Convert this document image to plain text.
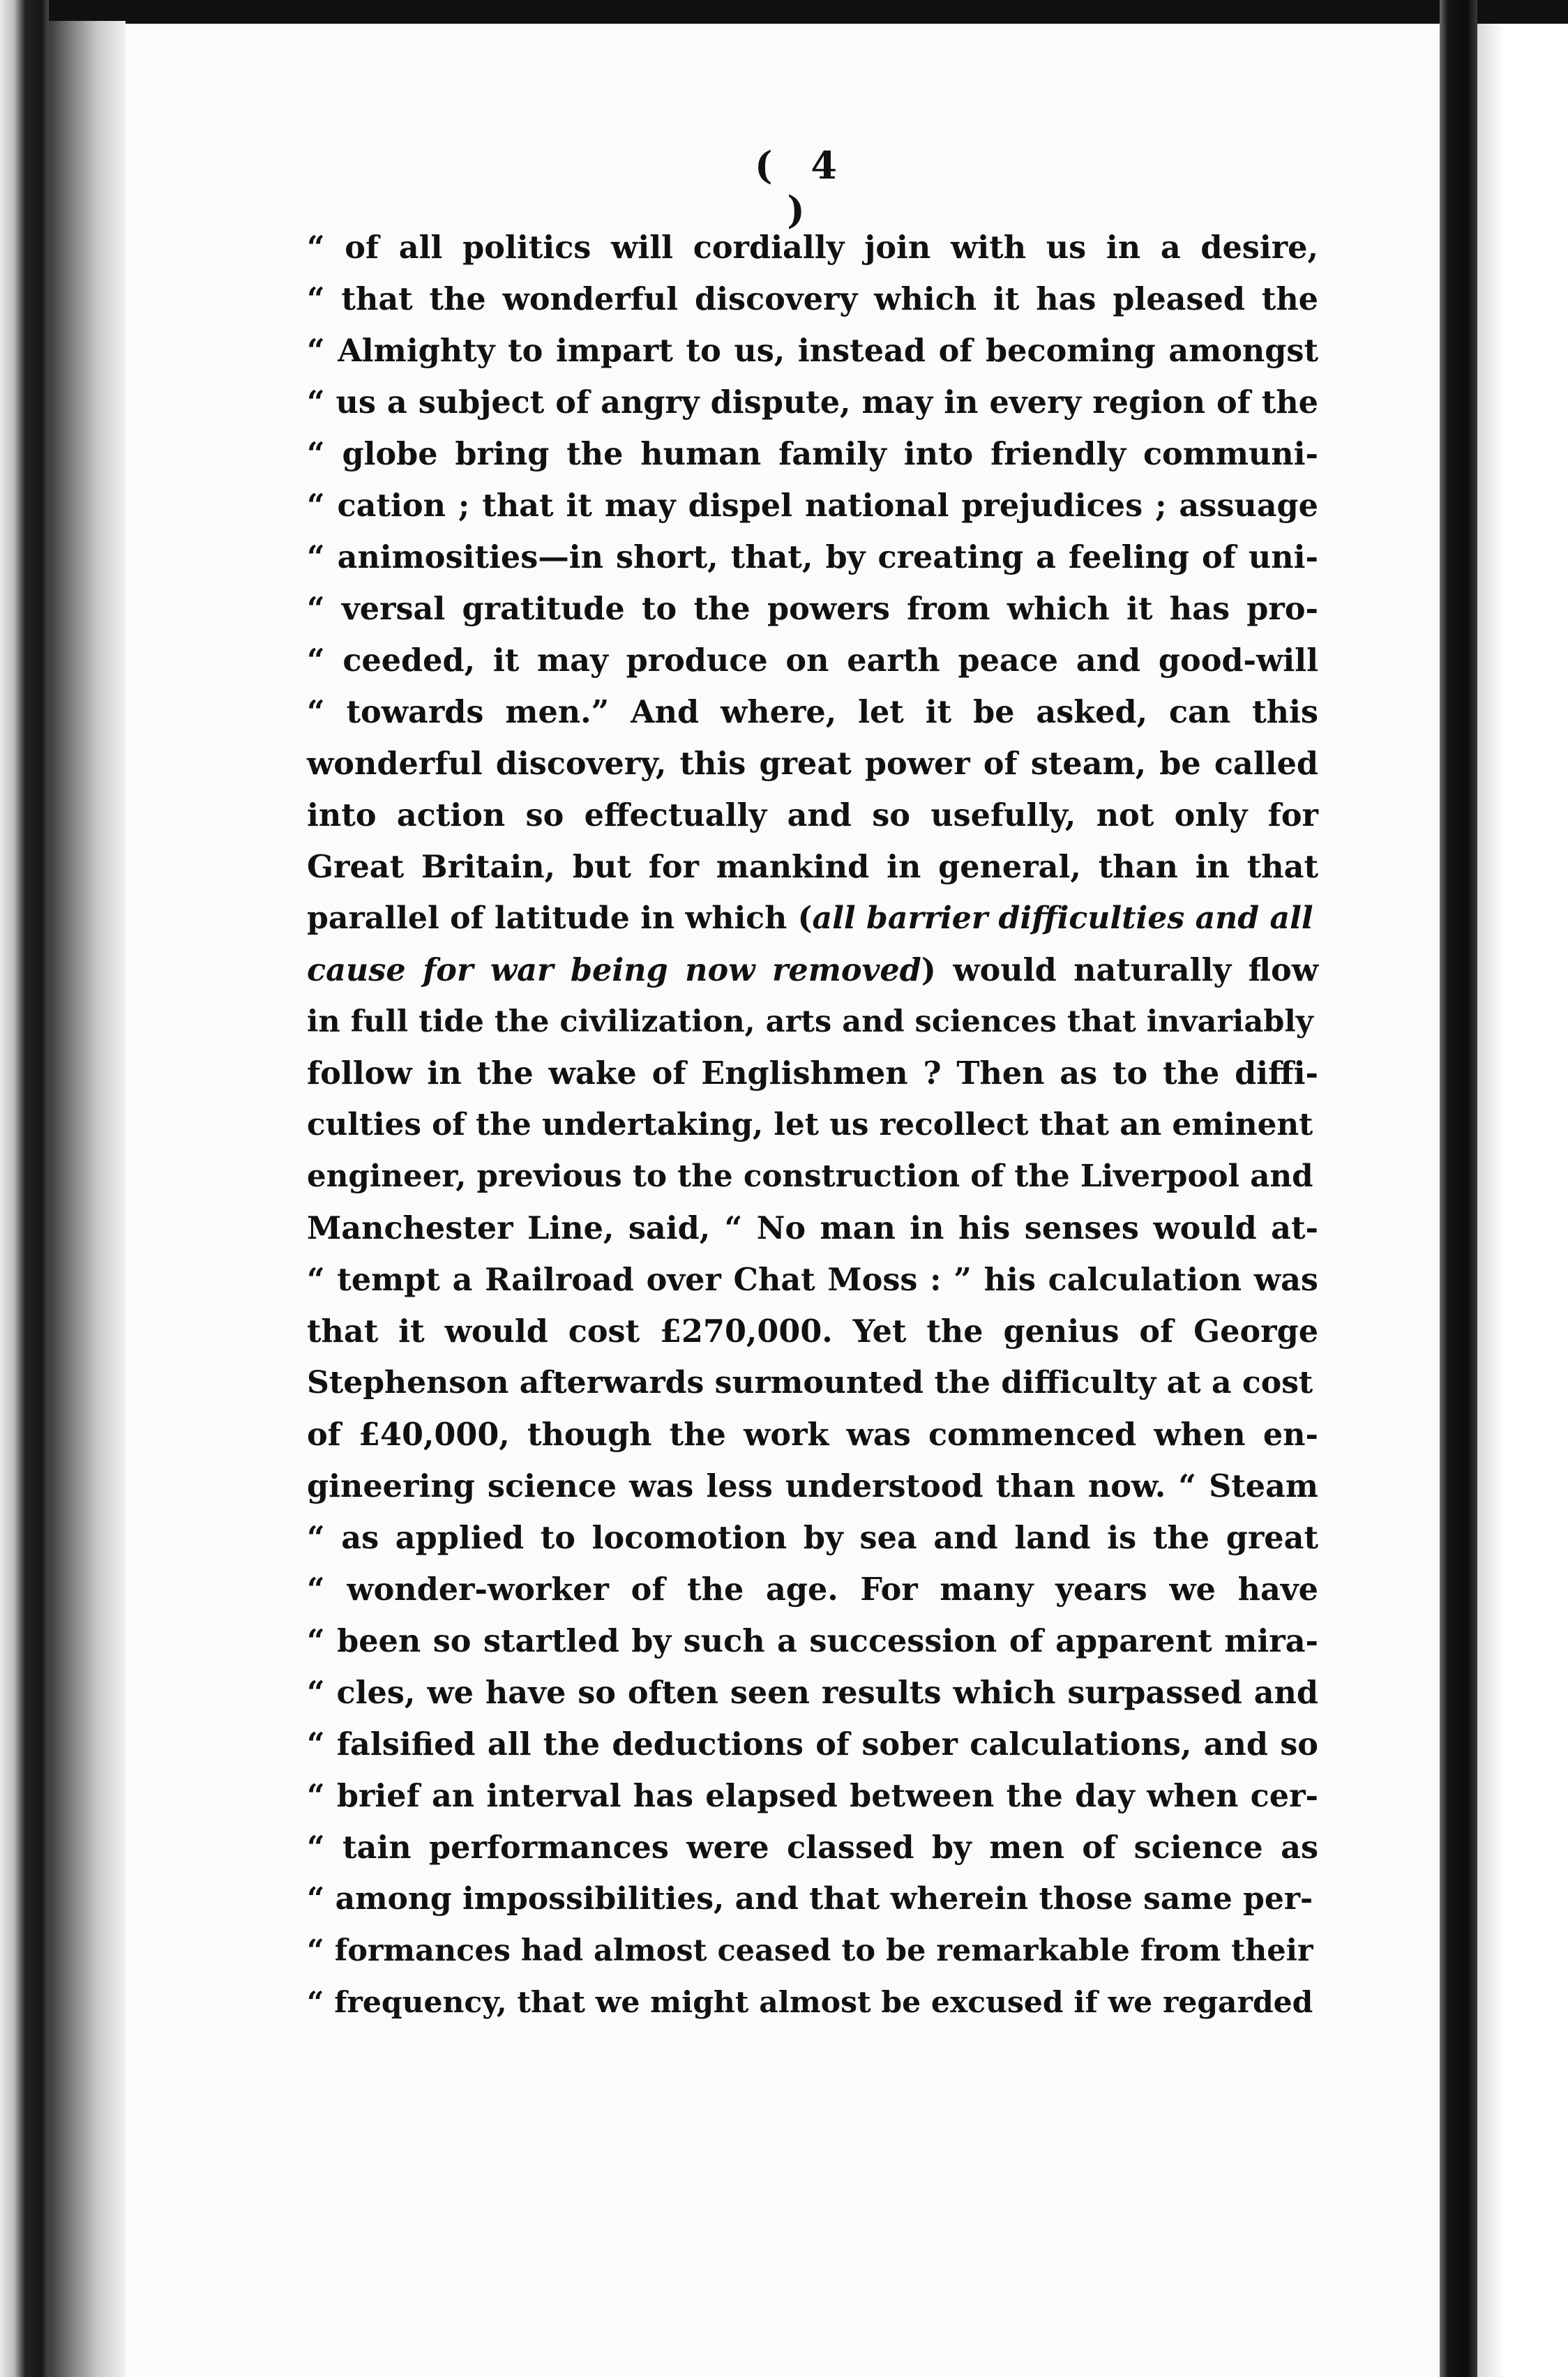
( 4 )
“ of all politics will cordially join with us in a desire,
“ that the wonderful discovery which it has pleased the
“ Almighty to impart to us, instead of becoming amongst
“ us a subject of angry dispute, may in every region of the
“ globe bring the human family into friendly communi-
“ cation ; that it may dispel national prejudices ; assuage
“ animosities—in short, that, by creating a feeling of uni-
“ versal gratitude to the powers from which it has pro-
“ ceeded, it may produce on earth peace and good-will
“ towards men.” And where, let it be asked, can this
wonderful discovery, this great power of steam, be called
into action so effectually and so usefully, not only for
Great Britain, but for mankind in general, than in that
parallel of latitude in which (all barrier difficulties and all
cause for war being now removed) would naturally flow
in full tide the civilization, arts and sciences that invariably
follow in the wake of Englishmen ? Then as to the diffi-
culties of the undertaking, let us recollect that an eminent
engineer, previous to the construction of the Liverpool and
Manchester Line, said, “ No man in his senses would at-
“ tempt a Railroad over Chat Moss : ” his calculation was
that it would cost £270,000. Yet the genius of George
Stephenson afterwards surmounted the difficulty at a cost
of £40,000, though the work was commenced when en-
gineering science was less understood than now. “ Steam
“ as applied to locomotion by sea and land is the great
“ wonder-worker of the age. For many years we have
“ been so startled by such a succession of apparent mira-
“ cles, we have so often seen results which surpassed and
“ falsified all the deductions of sober calculations, and so
“ brief an interval has elapsed between the day when cer-
“ tain performances were classed by men of science as
“ among impossibilities, and that wherein those same per-
“ formances had almost ceased to be remarkable from their
“ frequency, that we might almost be excused if we regarded
